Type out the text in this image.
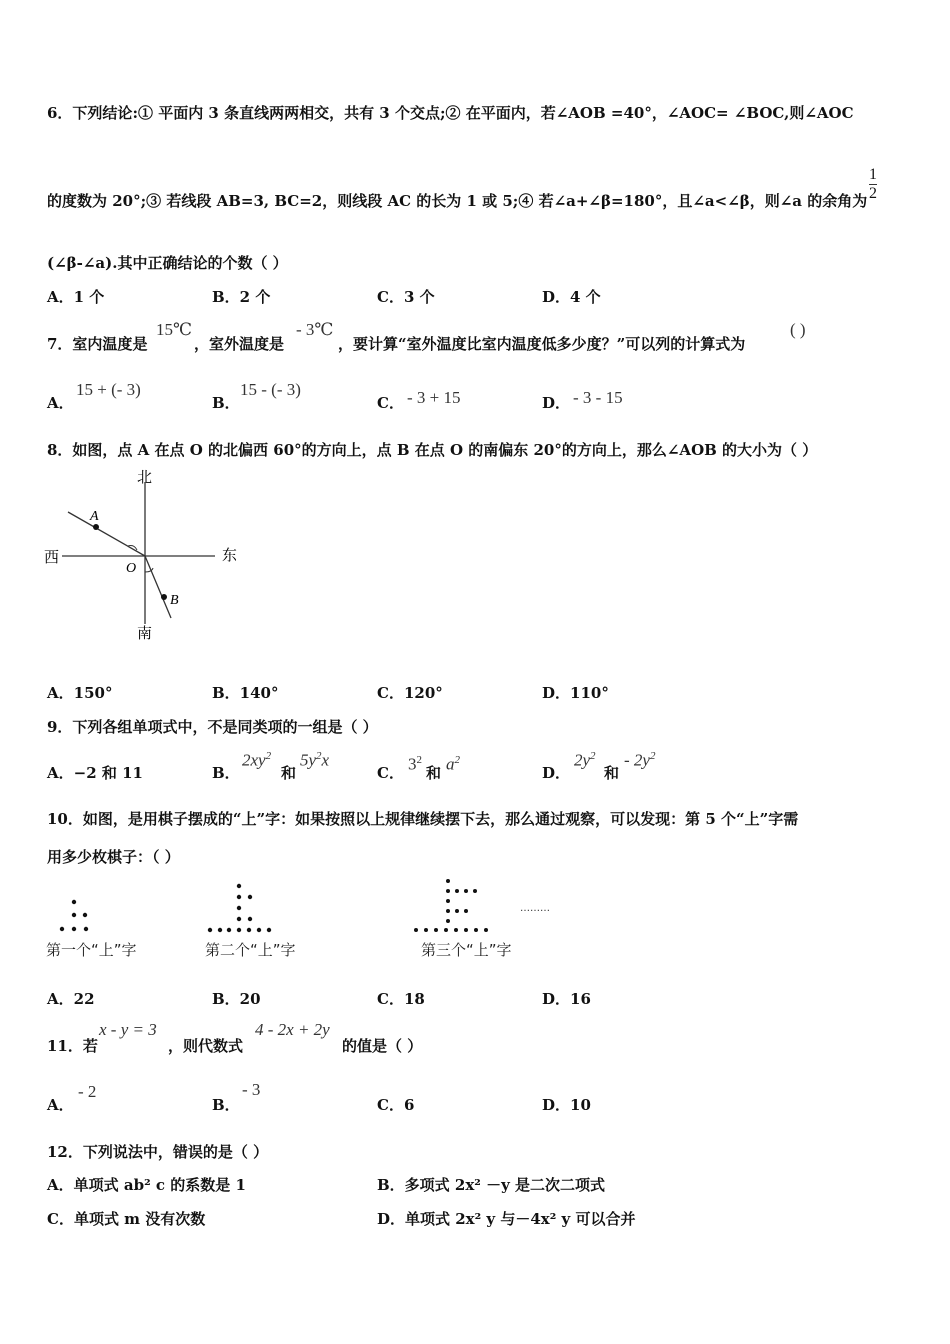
6．下列结论:① 平面内 3 条直线两两相交，共有 3 个交点;② 在平面内，若∠AOB =40°，∠AOC= ∠BOC,则∠AOC
的度数为 20°;③ 若线段 AB=3, BC=2，则线段 AC 的长为 1 或 5;④ 若∠a+∠β=180°，且∠a<∠β，则∠a 的余角为 $\frac{1}{2}$
(∠β-∠a).其中正确结论的个数（ ）
A．1 个	B．2 个	C．3 个	D．4 个
7．室内温度是
15℃
，室外温度是
- 3℃
，要计算“室外温度比室内温度低多少度？”可以列的计算式为
( )
A．
15 + (- 3)
B．
15 - (- 3)
C． - 3 + 15	D． - 3 - 15
8．如图，点 A 在点 O 的北偏西 60°的方向上，点 B 在点 O 的南偏东 20°的方向上，那么∠AOB 的大小为（ ）
北
南
西	东
A
B
O
A．150°	B．140°	C．120°	D．110°
9．下列各组单项式中，不是同类项的一组是（ ）
A．−2 和 11	B．
$2xy^2$
和
$5y^2x$
C． $3^2$
和 $a^2$
D．
$2y^2$
和
- $2y^2$
10．如图，是用棋子摆成的“上”字：如果按照以上规律继续摆下去，那么通过观察，可以发现：第 5 个“上”字需
用多少枚棋子：（ ）
………
第一个“上”字	第二个“上”字	第三个“上”字
A．22	B．20	C．18	D．16
11．若
x - y = 3
，则代数式
4 - 2x + 2y
的值是（ ）
A．
- 2
B．
- 3
C．6	D．10
12．下列说法中，错误的是（ ）
A．单项式 ab² c 的系数是 1	B．多项式 2x² －y 是二次二项式
C．单项式 m 没有次数	D．单项式 2x² y 与－4x² y 可以合并
